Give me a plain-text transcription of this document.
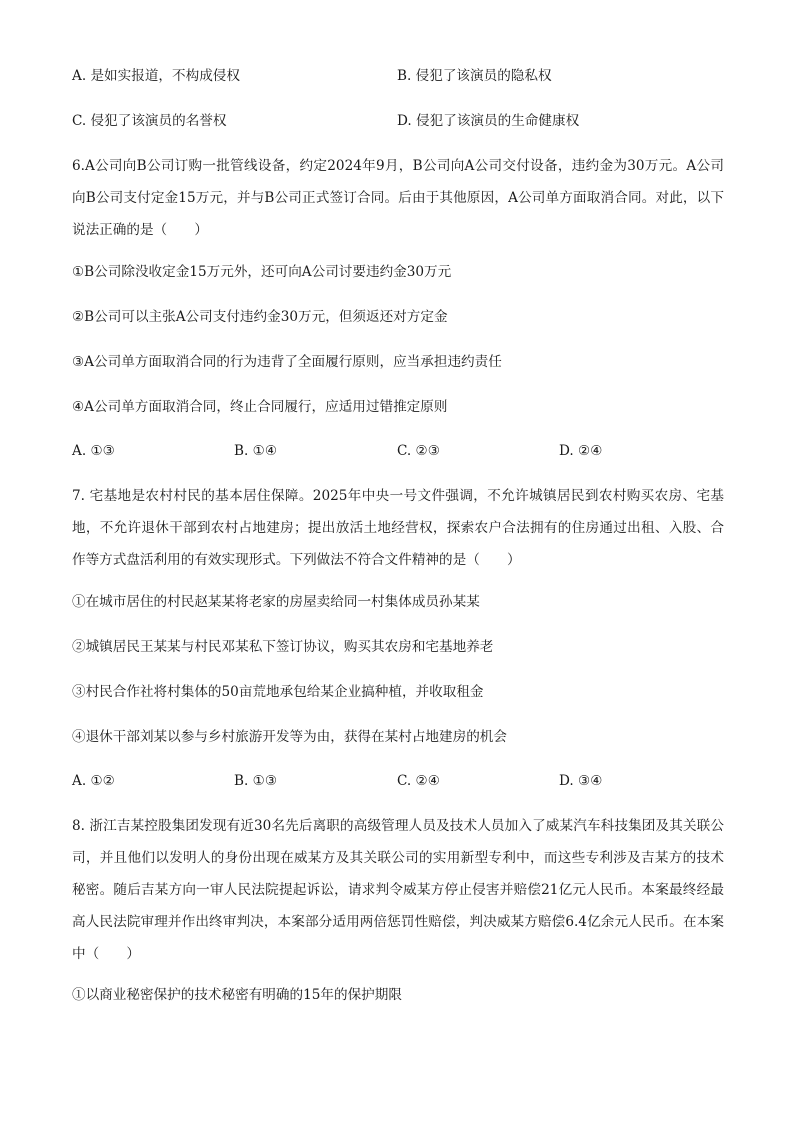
A. 是如实报道，不构成侵权	B. 侵犯了该演员的隐私权
C. 侵犯了该演员的名誉权	D. 侵犯了该演员的生命健康权
6.A公司向B公司订购一批管线设备，约定2024年9月，B公司向A公司交付设备，违约金为30万元。A公司向B公司支付定金15万元，并与B公司正式签订合同。后由于其他原因，A公司单方面取消合同。对此，以下说法正确的是（　　）
①B公司除没收定金15万元外，还可向A公司讨要违约金30万元
②B公司可以主张A公司支付违约金30万元，但须返还对方定金
③A公司单方面取消合同的行为违背了全面履行原则，应当承担违约责任
④A公司单方面取消合同，终止合同履行，应适用过错推定原则
A. ①③	B. ①④	C. ②③	D. ②④
7. 宅基地是农村村民的基本居住保障。2025年中央一号文件强调，不允许城镇居民到农村购买农房、宅基地，不允许退休干部到农村占地建房；提出放活土地经营权，探索农户合法拥有的住房通过出租、入股、合作等方式盘活利用的有效实现形式。下列做法不符合文件精神的是（　　）
①在城市居住的村民赵某某将老家的房屋卖给同一村集体成员孙某某
②城镇居民王某某与村民邓某私下签订协议，购买其农房和宅基地养老
③村民合作社将村集体的50亩荒地承包给某企业搞种植，并收取租金
④退休干部刘某以参与乡村旅游开发等为由，获得在某村占地建房的机会
A. ①②	B. ①③	C. ②④	D. ③④
8. 浙江吉某控股集团发现有近30名先后离职的高级管理人员及技术人员加入了威某汽车科技集团及其关联公司，并且他们以发明人的身份出现在威某方及其关联公司的实用新型专利中，而这些专利涉及吉某方的技术秘密。随后吉某方向一审人民法院提起诉讼，请求判令威某方停止侵害并赔偿21亿元人民币。本案最终经最高人民法院审理并作出终审判决，本案部分适用两倍惩罚性赔偿，判决威某方赔偿6.4亿余元人民币。在本案中（　　）
①以商业秘密保护的技术秘密有明确的15年的保护期限
